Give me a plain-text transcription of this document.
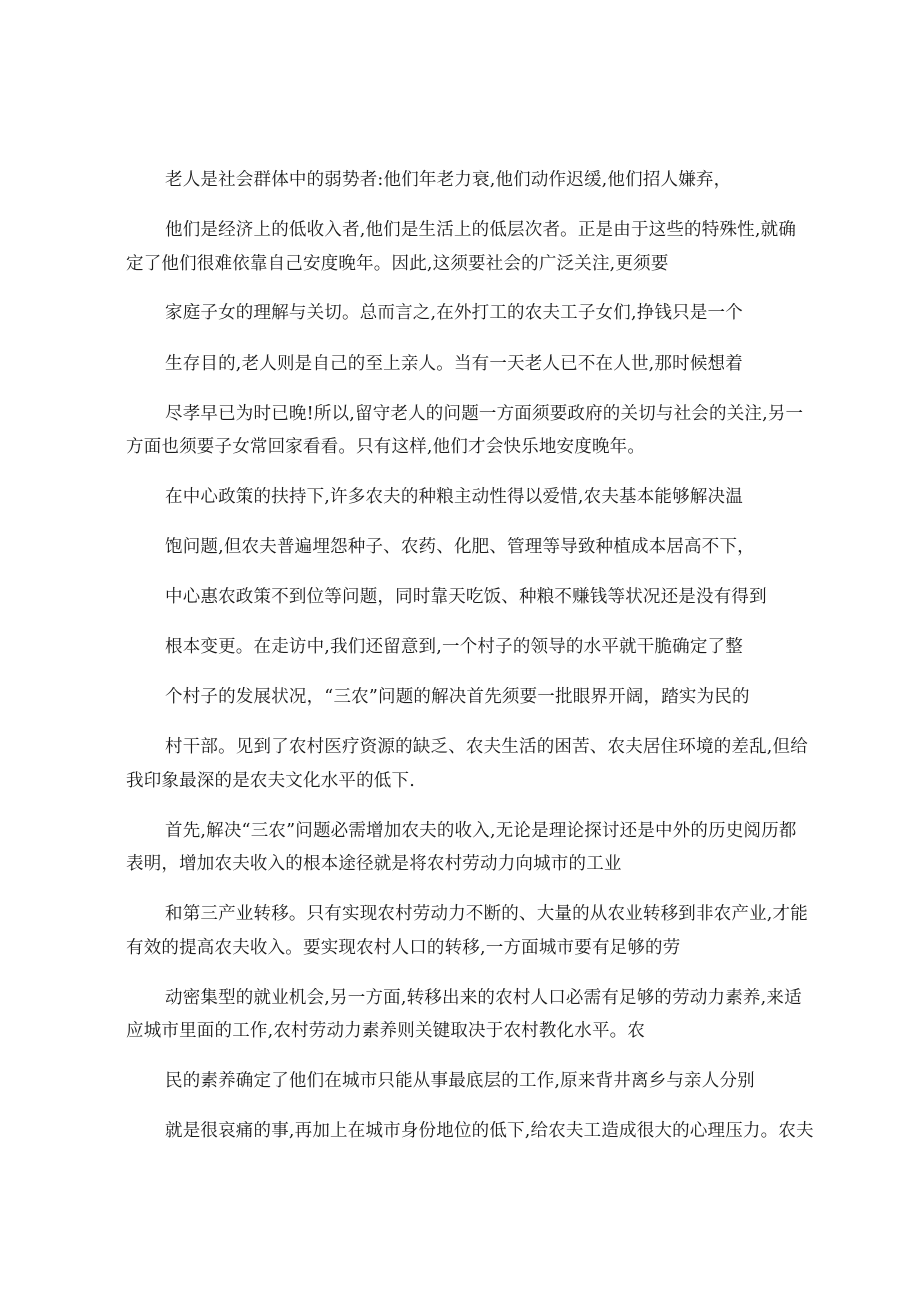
老人是社会群体中的弱势者:他们年老力衰,他们动作迟缓,他们招人嫌弃，
他们是经济上的低收入者,他们是生活上的低层次者。正是由于这些的特殊性,就确
定了他们很难依靠自己安度晚年。因此,这须要社会的广泛关注,更须要
家庭子女的理解与关切。总而言之,在外打工的农夫工子女们,挣钱只是一个
生存目的,老人则是自己的至上亲人。当有一天老人已不在人世,那时候想着
尽孝早已为时已晚!所以,留守老人的问题一方面须要政府的关切与社会的关注,另一
方面也须要子女常回家看看。只有这样,他们才会快乐地安度晚年。
在中心政策的扶持下,许多农夫的种粮主动性得以爱惜,农夫基本能够解决温
饱问题,但农夫普遍埋怨种子、农药、化肥、管理等导致种植成本居高不下，
中心惠农政策不到位等问题，同时靠天吃饭、种粮不赚钱等状况还是没有得到
根本变更。在走访中,我们还留意到,一个村子的领导的水平就干脆确定了整
个村子的发展状况，“三农”问题的解决首先须要一批眼界开阔，踏实为民的
村干部。见到了农村医疗资源的缺乏、农夫生活的困苦、农夫居住环境的差乱,但给
我印象最深的是农夫文化水平的低下.
首先,解决“三农”问题必需增加农夫的收入,无论是理论探讨还是中外的历史阅历都
表明，增加农夫收入的根本途径就是将农村劳动力向城市的工业
和第三产业转移。只有实现农村劳动力不断的、大量的从农业转移到非农产业,才能
有效的提高农夫收入。要实现农村人口的转移,一方面城市要有足够的劳
动密集型的就业机会,另一方面,转移出来的农村人口必需有足够的劳动力素养,来适
应城市里面的工作,农村劳动力素养则关键取决于农村教化水平。农
民的素养确定了他们在城市只能从事最底层的工作,原来背井离乡与亲人分别
就是很哀痛的事,再加上在城市身份地位的低下,给农夫工造成很大的心理压力。农夫
